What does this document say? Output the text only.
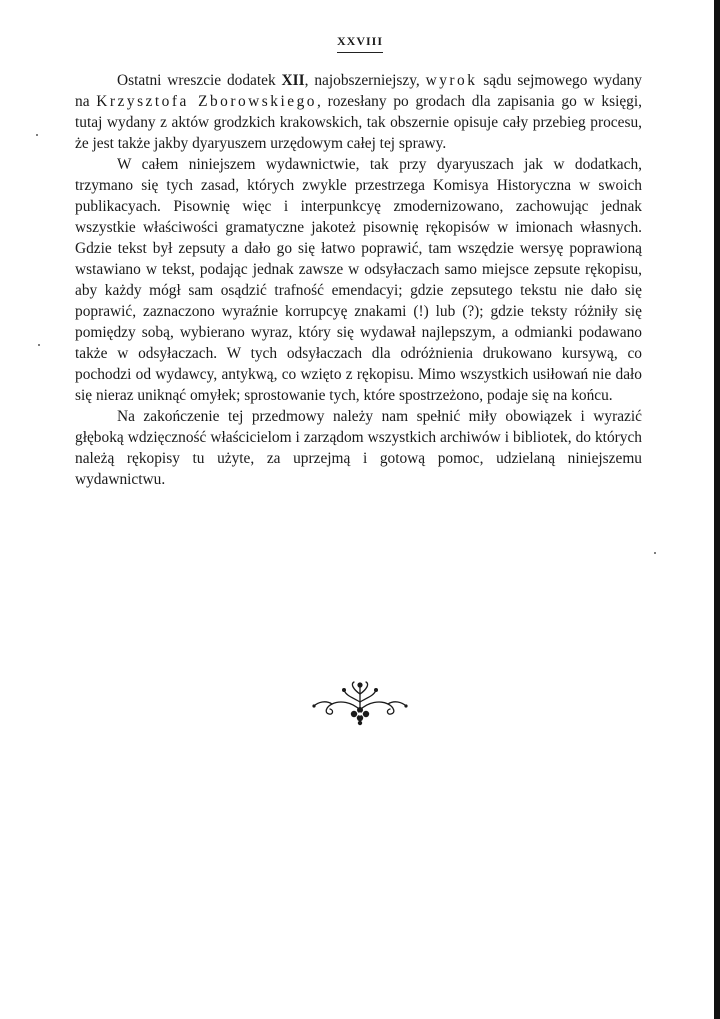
XXVIII

Ostatni wreszcie dodatek XII, najobszerniejszy, wyrok sądu sejmowego wydany na Krzysztofa Zborowskiego, rozesłany po grodach dla zapisania go w księgi, tutaj wydany z aktów grodzkich krakowskich, tak obszernie opisuje cały przebieg procesu, że jest także jakby dyaryuszem urzędowym całej tej sprawy.

W całem niniejszem wydawnictwie, tak przy dyaryuszach jak w dodatkach, trzymano się tych zasad, których zwykle przestrzega Komisya Historyczna w swoich publikacyach. Pisownię więc i interpunkcyę zmodernizowano, zachowując jednak wszystkie właściwości gramatyczne jakoteż pisownię rękopisów w imionach własnych. Gdzie tekst był zepsuty a dało go się łatwo poprawić, tam wszędzie wersyę poprawioną wstawiano w tekst, podając jednak zawsze w odsyłaczach samo miejsce zepsute rękopisu, aby każdy mógł sam osądzić trafność emendacyi; gdzie zepsutego tekstu nie dało się poprawić, zaznaczono wyraźnie korrupcyę znakami (!) lub (?); gdzie teksty różniły się pomiędzy sobą, wybierano wyraz, który się wydawał najlepszym, a odmianki podawano także w odsyłaczach. W tych odsyłaczach dla odróżnienia drukowano kursywą, co pochodzi od wydawcy, antykwą, co wzięto z rękopisu. Mimo wszystkich usiłowań nie dało się nieraz uniknąć omyłek; sprostowanie tych, które spostrzeżono, podaje się na końcu.

Na zakończenie tej przedmowy należy nam spełnić miły obowiązek i wyrazić głęboką wdzięczność właścicielom i zarządom wszystkich archiwów i bibliotek, do których należą rękopisy tu użyte, za uprzejmą i gotową pomoc, udzielaną niniejszemu wydawnictwu.
